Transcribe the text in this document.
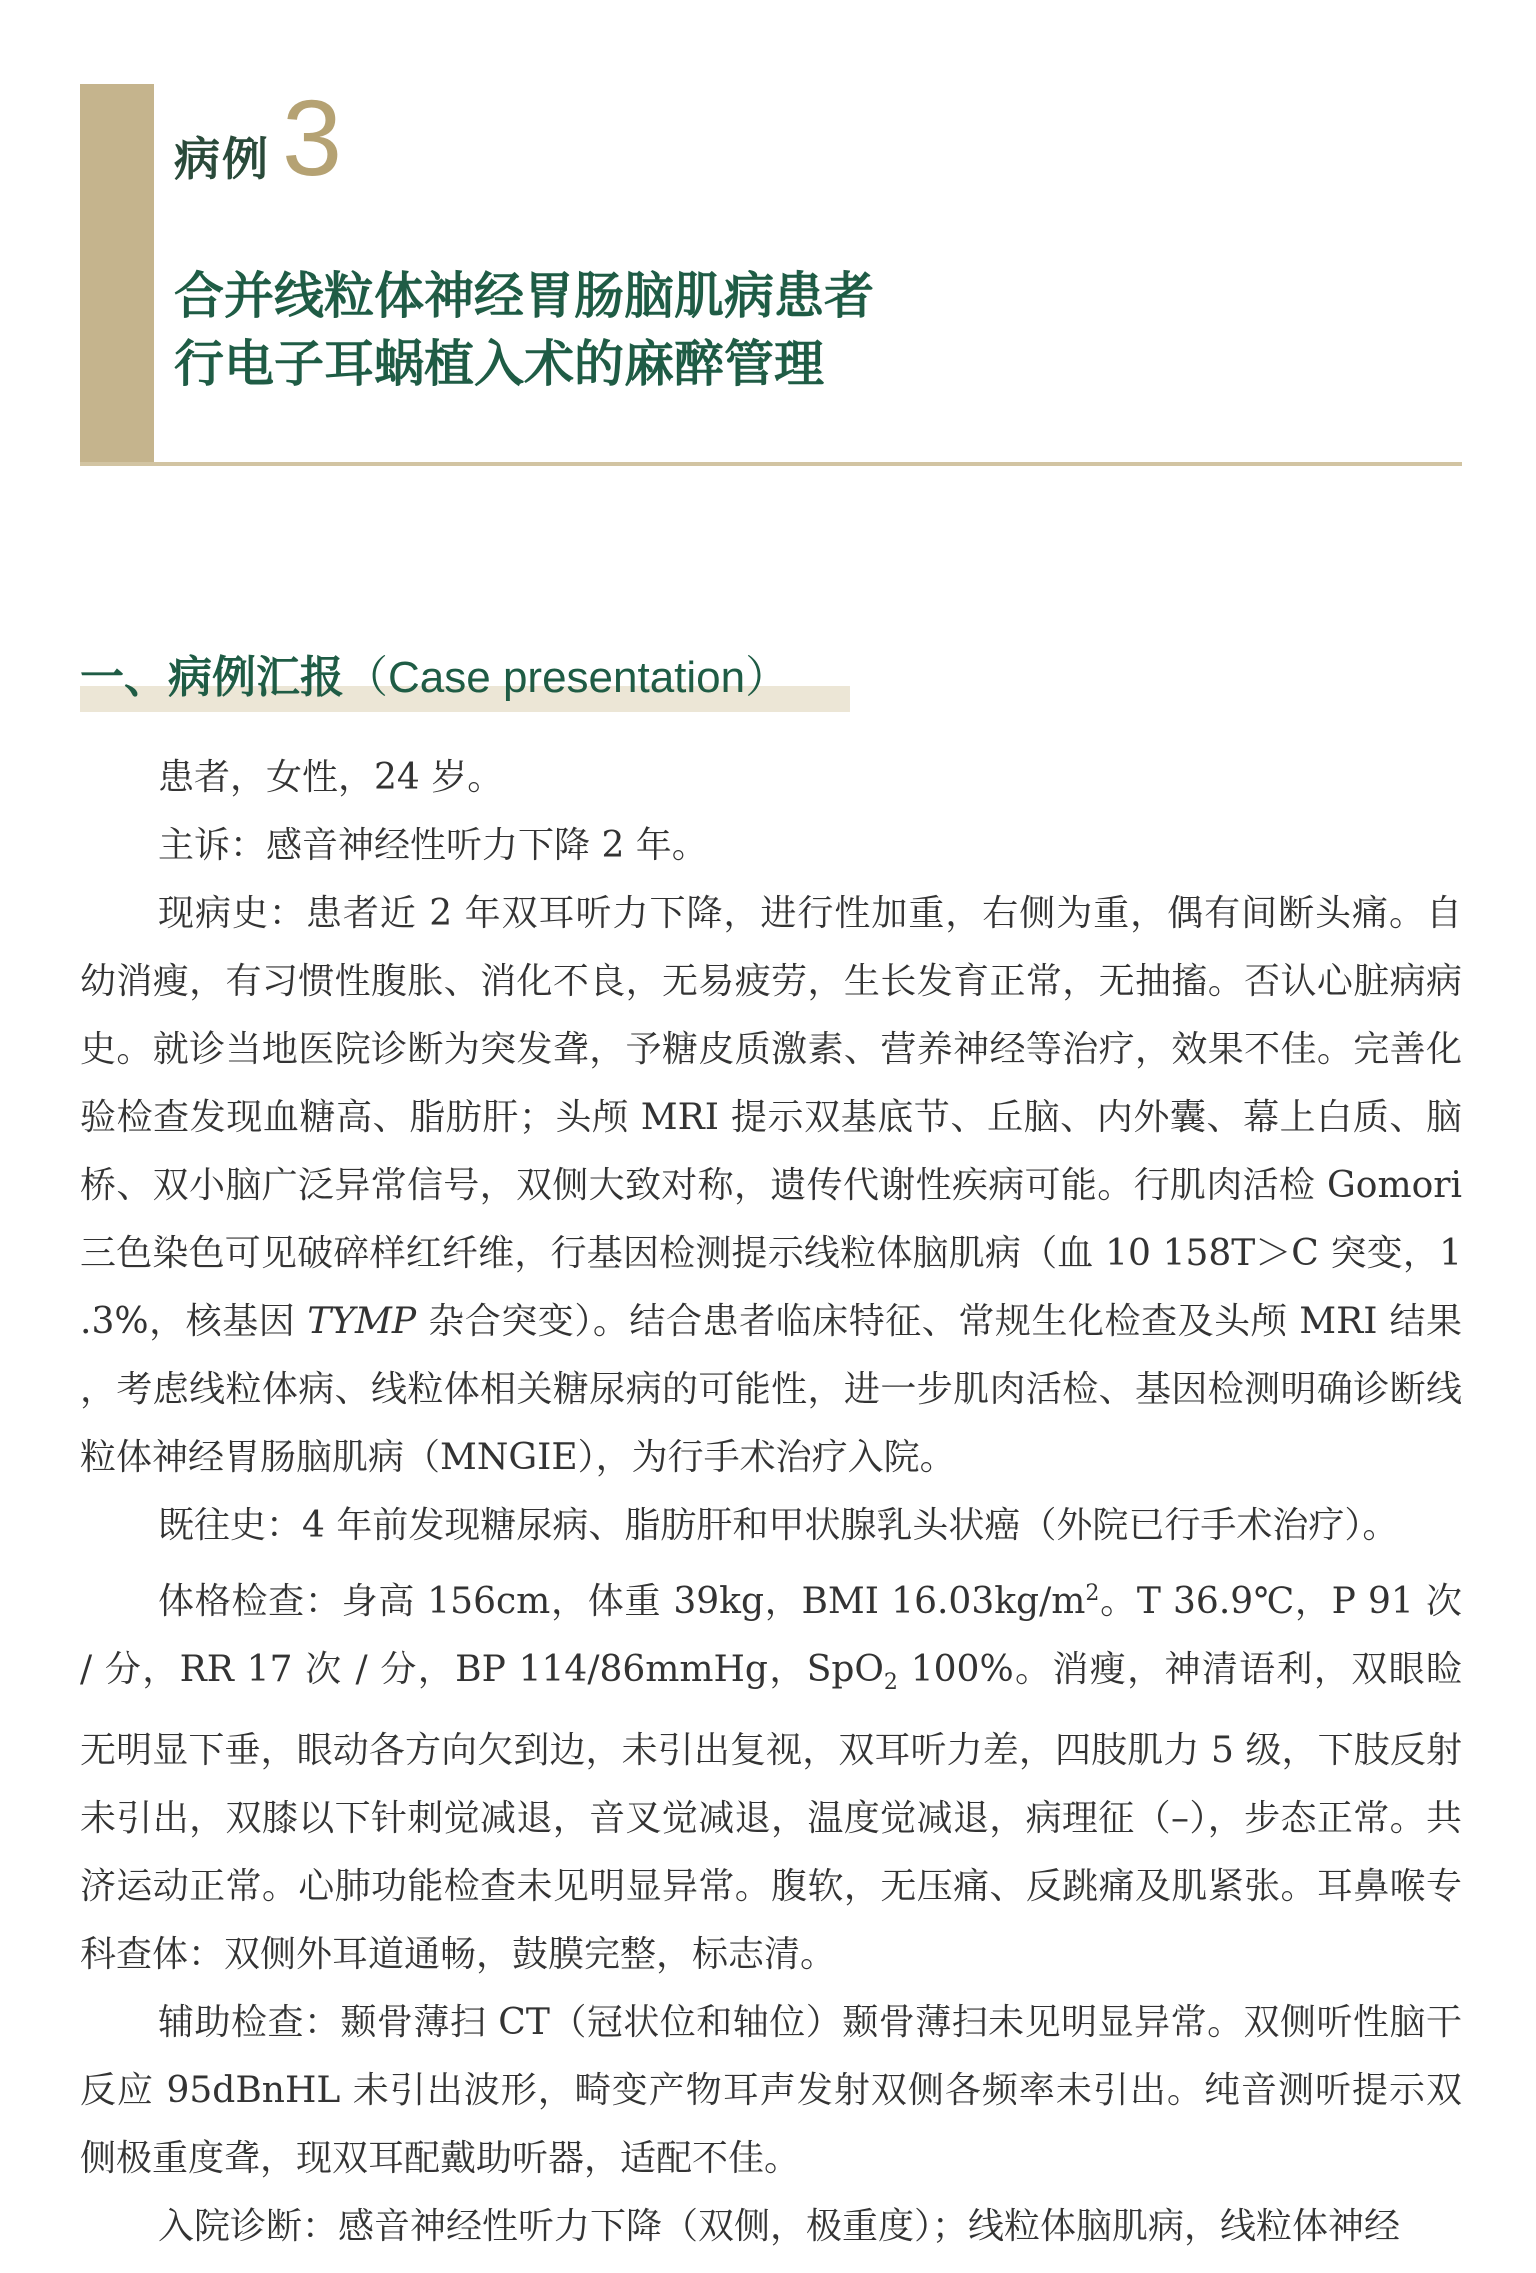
病例 3
合并线粒体神经胃肠脑肌病患者
行电子耳蜗植入术的麻醉管理
一、病例汇报（Case presentation）

患者，女性，24 岁。

主诉：感音神经性听力下降 2 年。

现病史：患者近 2 年双耳听力下降，进行性加重，右侧为重，偶有间断头痛。自幼消瘦，有习惯性腹胀、消化不良，无易疲劳，生长发育正常，无抽搐。否认心脏病病史。就诊当地医院诊断为突发聋，予糖皮质激素、营养神经等治疗，效果不佳。完善化验检查发现血糖高、脂肪肝；头颅 MRI 提示双基底节、丘脑、内外囊、幕上白质、脑桥、双小脑广泛异常信号，双侧大致对称，遗传代谢性疾病可能。行肌肉活检 Gomori 三色染色可见破碎样红纤维，行基因检测提示线粒体脑肌病（血 10 158T＞C 突变，1.3%，核基因 TYMP 杂合突变）。结合患者临床特征、常规生化检查及头颅 MRI 结果，考虑线粒体病、线粒体相关糖尿病的可能性，进一步肌肉活检、基因检测明确诊断线粒体神经胃肠脑肌病（MNGIE），为行手术治疗入院。

既往史：4 年前发现糖尿病、脂肪肝和甲状腺乳头状癌（外院已行手术治疗）。

体格检查：身高 156cm，体重 39kg，BMI $16.03kg/m^2$。T 36.9℃，P 91 次 / 分，RR 17 次 / 分，BP 114/86mmHg，SpO$_2$ 100%。消瘦，神清语利，双眼睑无明显下垂，眼动各方向欠到边，未引出复视，双耳听力差，四肢肌力 5 级，下肢反射未引出，双膝以下针刺觉减退，音叉觉减退，温度觉减退，病理征（–），步态正常。共济运动正常。心肺功能检查未见明显异常。腹软，无压痛、反跳痛及肌紧张。耳鼻喉专科查体：双侧外耳道通畅，鼓膜完整，标志清。

辅助检查：颞骨薄扫 CT（冠状位和轴位）颞骨薄扫未见明显异常。双侧听性脑干反应 95dBnHL 未引出波形，畸变产物耳声发射双侧各频率未引出。纯音测听提示双侧极重度聋，现双耳配戴助听器，适配不佳。

入院诊断：感音神经性听力下降（双侧，极重度）；线粒体脑肌病，线粒体神经
